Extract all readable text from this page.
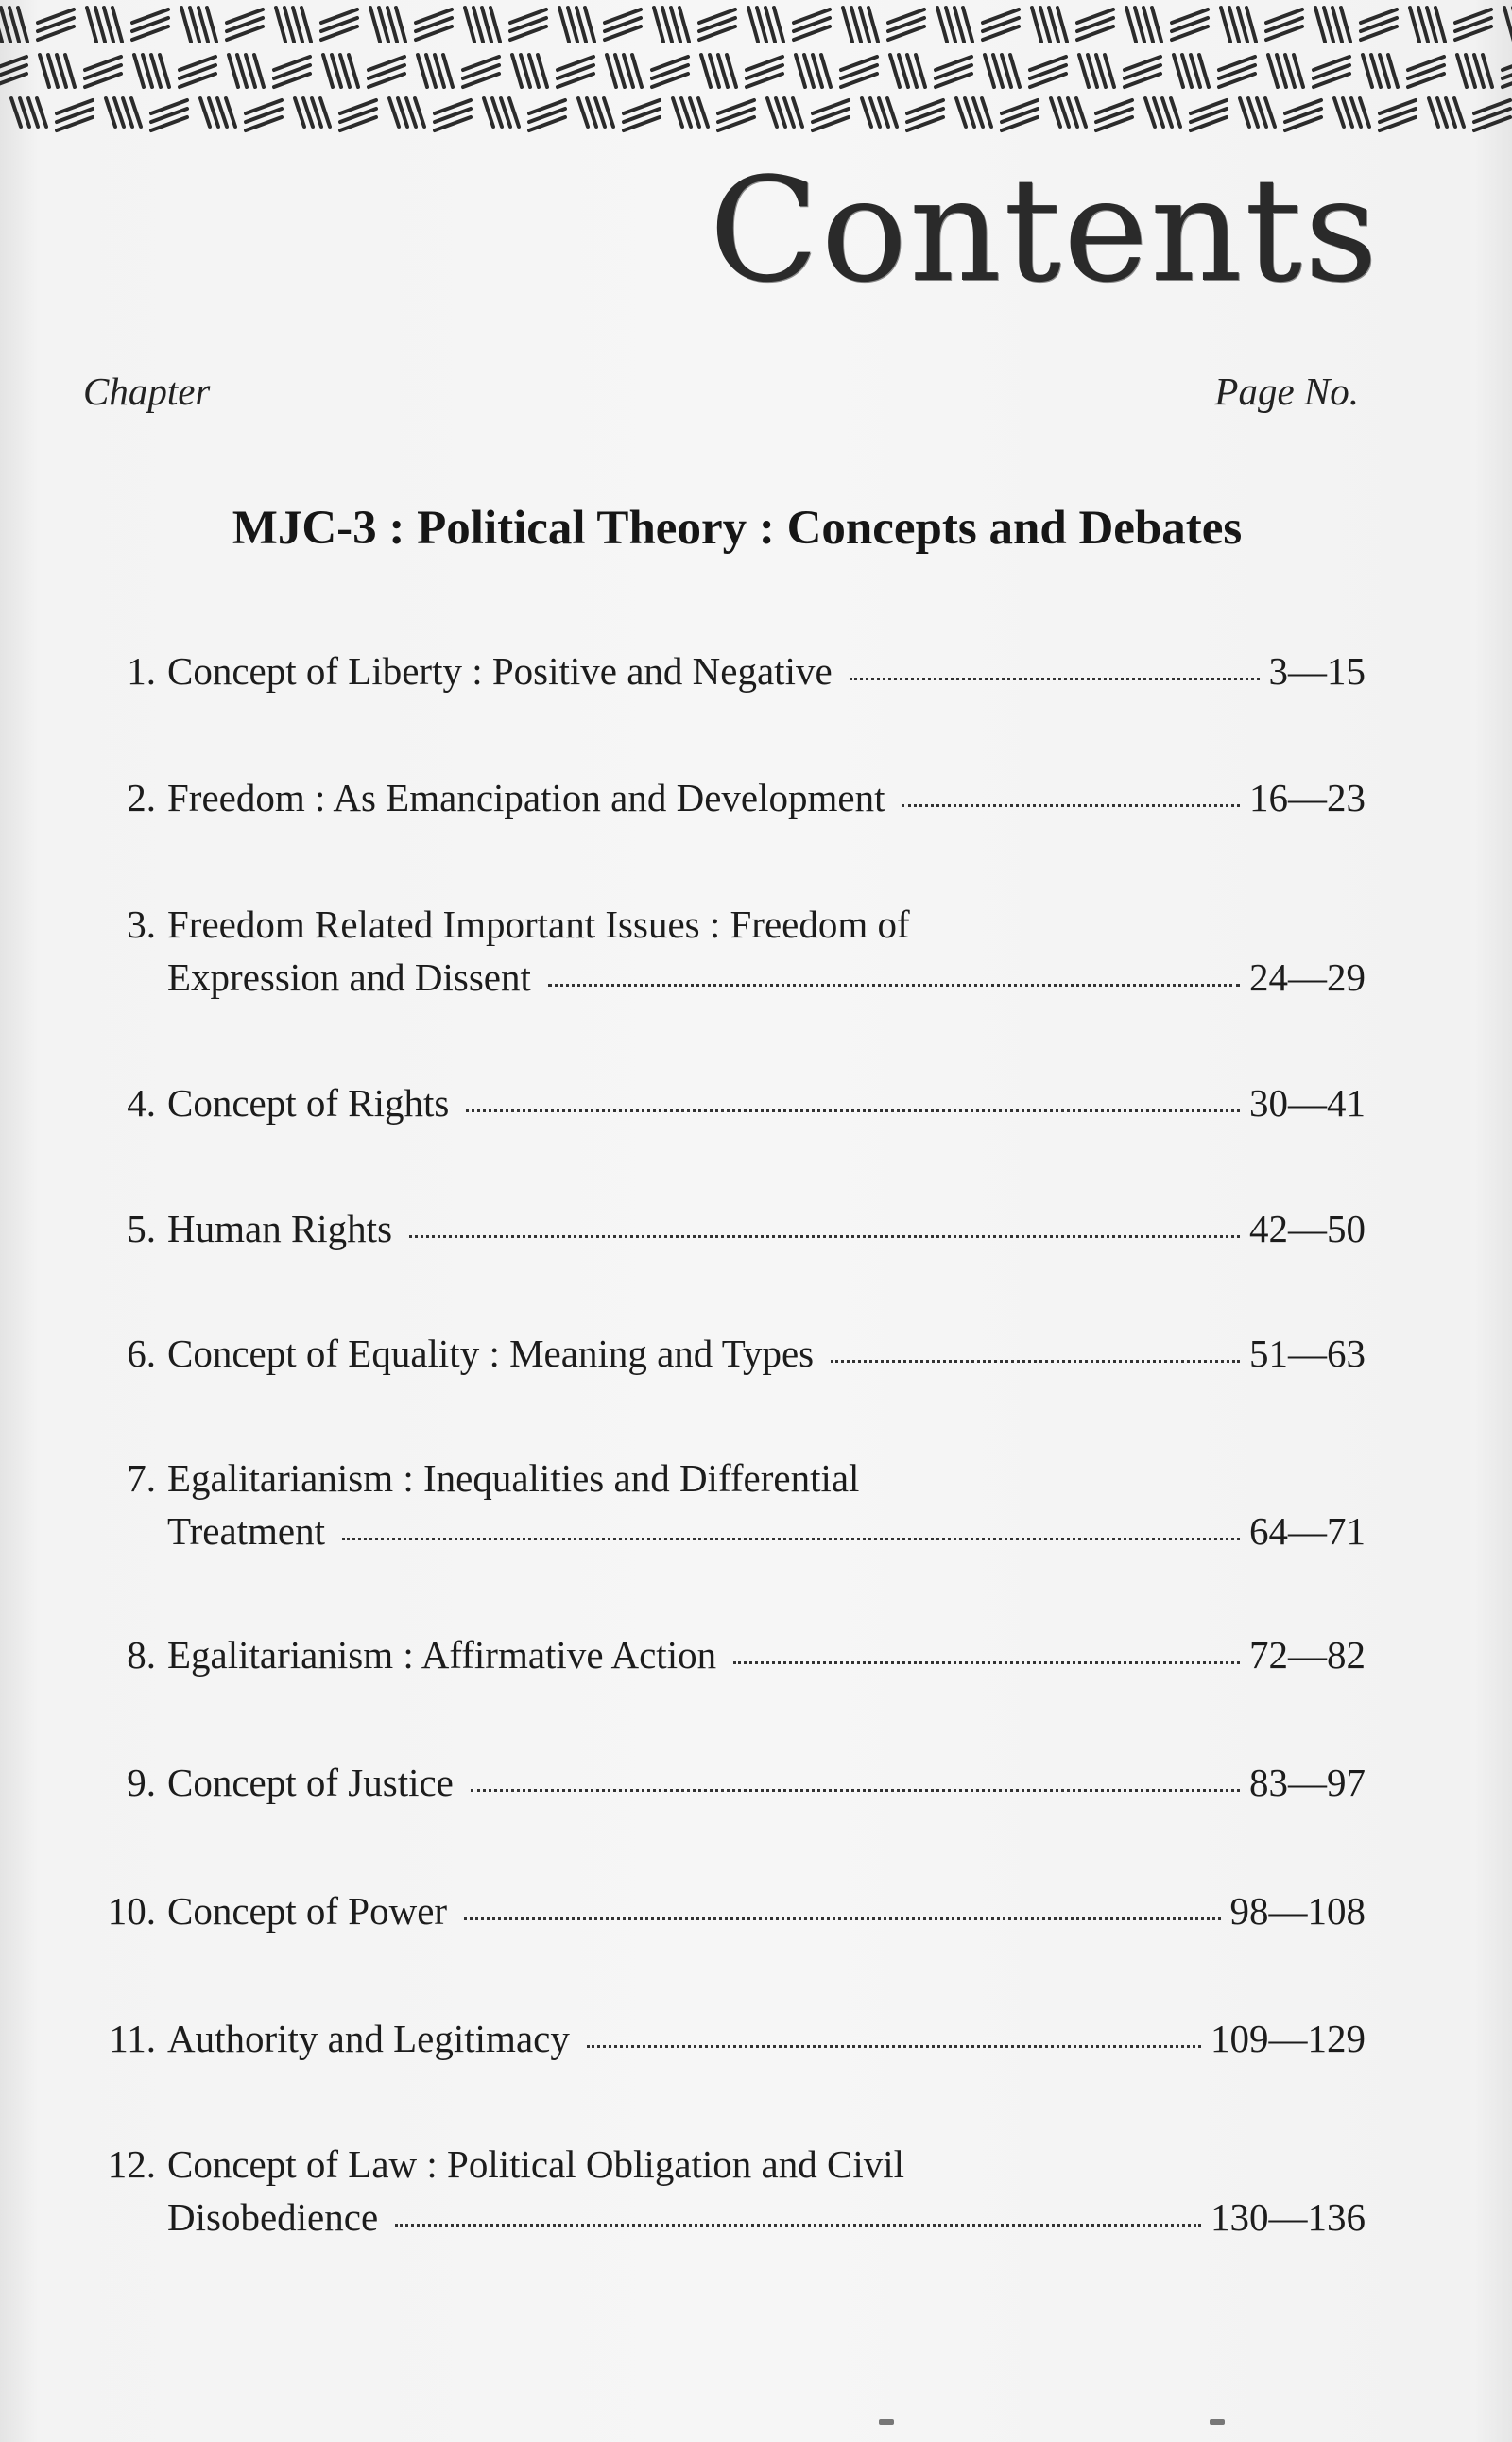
Contents
Chapter	Page No.
MJC-3 : Political Theory : Concepts and Debates
1. Concept of Liberty : Positive and Negative	3—15
2. Freedom : As Emancipation and Development	16—23
3. Freedom Related Important Issues : Freedom of
Expression and Dissent	24—29
4. Concept of Rights	30—41
5. Human Rights	42—50
6. Concept of Equality : Meaning and Types	51—63
7. Egalitarianism : Inequalities and Differential
Treatment	64—71
8. Egalitarianism : Affirmative Action	72—82
9. Concept of Justice	83—97
10. Concept of Power	98—108
11. Authority and Legitimacy	109—129
12. Concept of Law : Political Obligation and Civil
Disobedience	130—136
